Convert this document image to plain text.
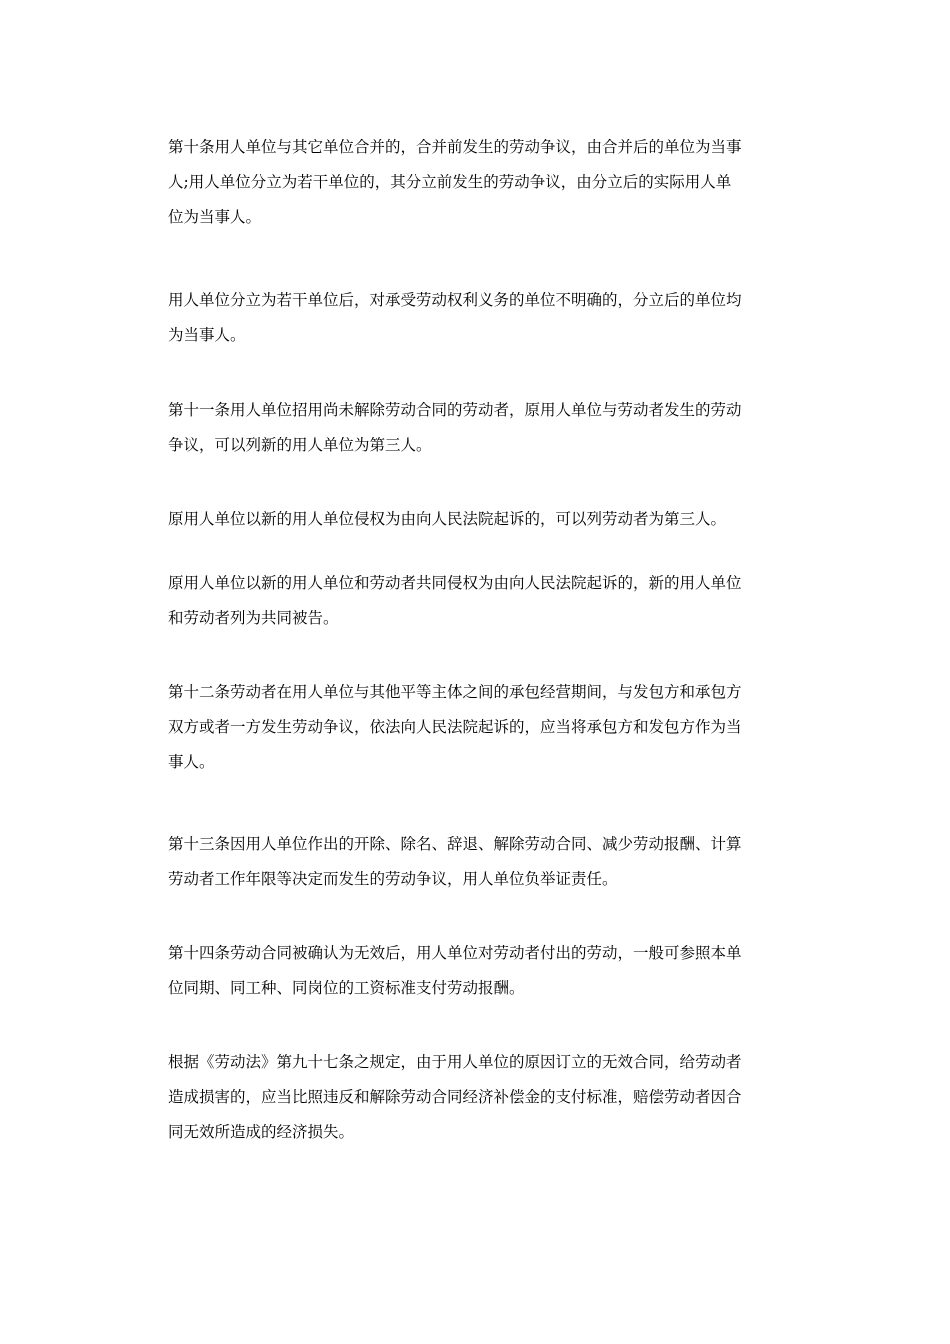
第十条用人单位与其它单位合并的，合并前发生的劳动争议，由合并后的单位为当事
人;用人单位分立为若干单位的，其分立前发生的劳动争议，由分立后的实际用人单
位为当事人。

用人单位分立为若干单位后，对承受劳动权利义务的单位不明确的，分立后的单位均
为当事人。

第十一条用人单位招用尚未解除劳动合同的劳动者，原用人单位与劳动者发生的劳动
争议，可以列新的用人单位为第三人。

原用人单位以新的用人单位侵权为由向人民法院起诉的，可以列劳动者为第三人。

原用人单位以新的用人单位和劳动者共同侵权为由向人民法院起诉的，新的用人单位
和劳动者列为共同被告。

第十二条劳动者在用人单位与其他平等主体之间的承包经营期间，与发包方和承包方
双方或者一方发生劳动争议，依法向人民法院起诉的，应当将承包方和发包方作为当
事人。

第十三条因用人单位作出的开除、除名、辞退、解除劳动合同、减少劳动报酬、计算
劳动者工作年限等决定而发生的劳动争议，用人单位负举证责任。

第十四条劳动合同被确认为无效后，用人单位对劳动者付出的劳动，一般可参照本单
位同期、同工种、同岗位的工资标准支付劳动报酬。

根据《劳动法》第九十七条之规定，由于用人单位的原因订立的无效合同，给劳动者
造成损害的，应当比照违反和解除劳动合同经济补偿金的支付标准，赔偿劳动者因合
同无效所造成的经济损失。
